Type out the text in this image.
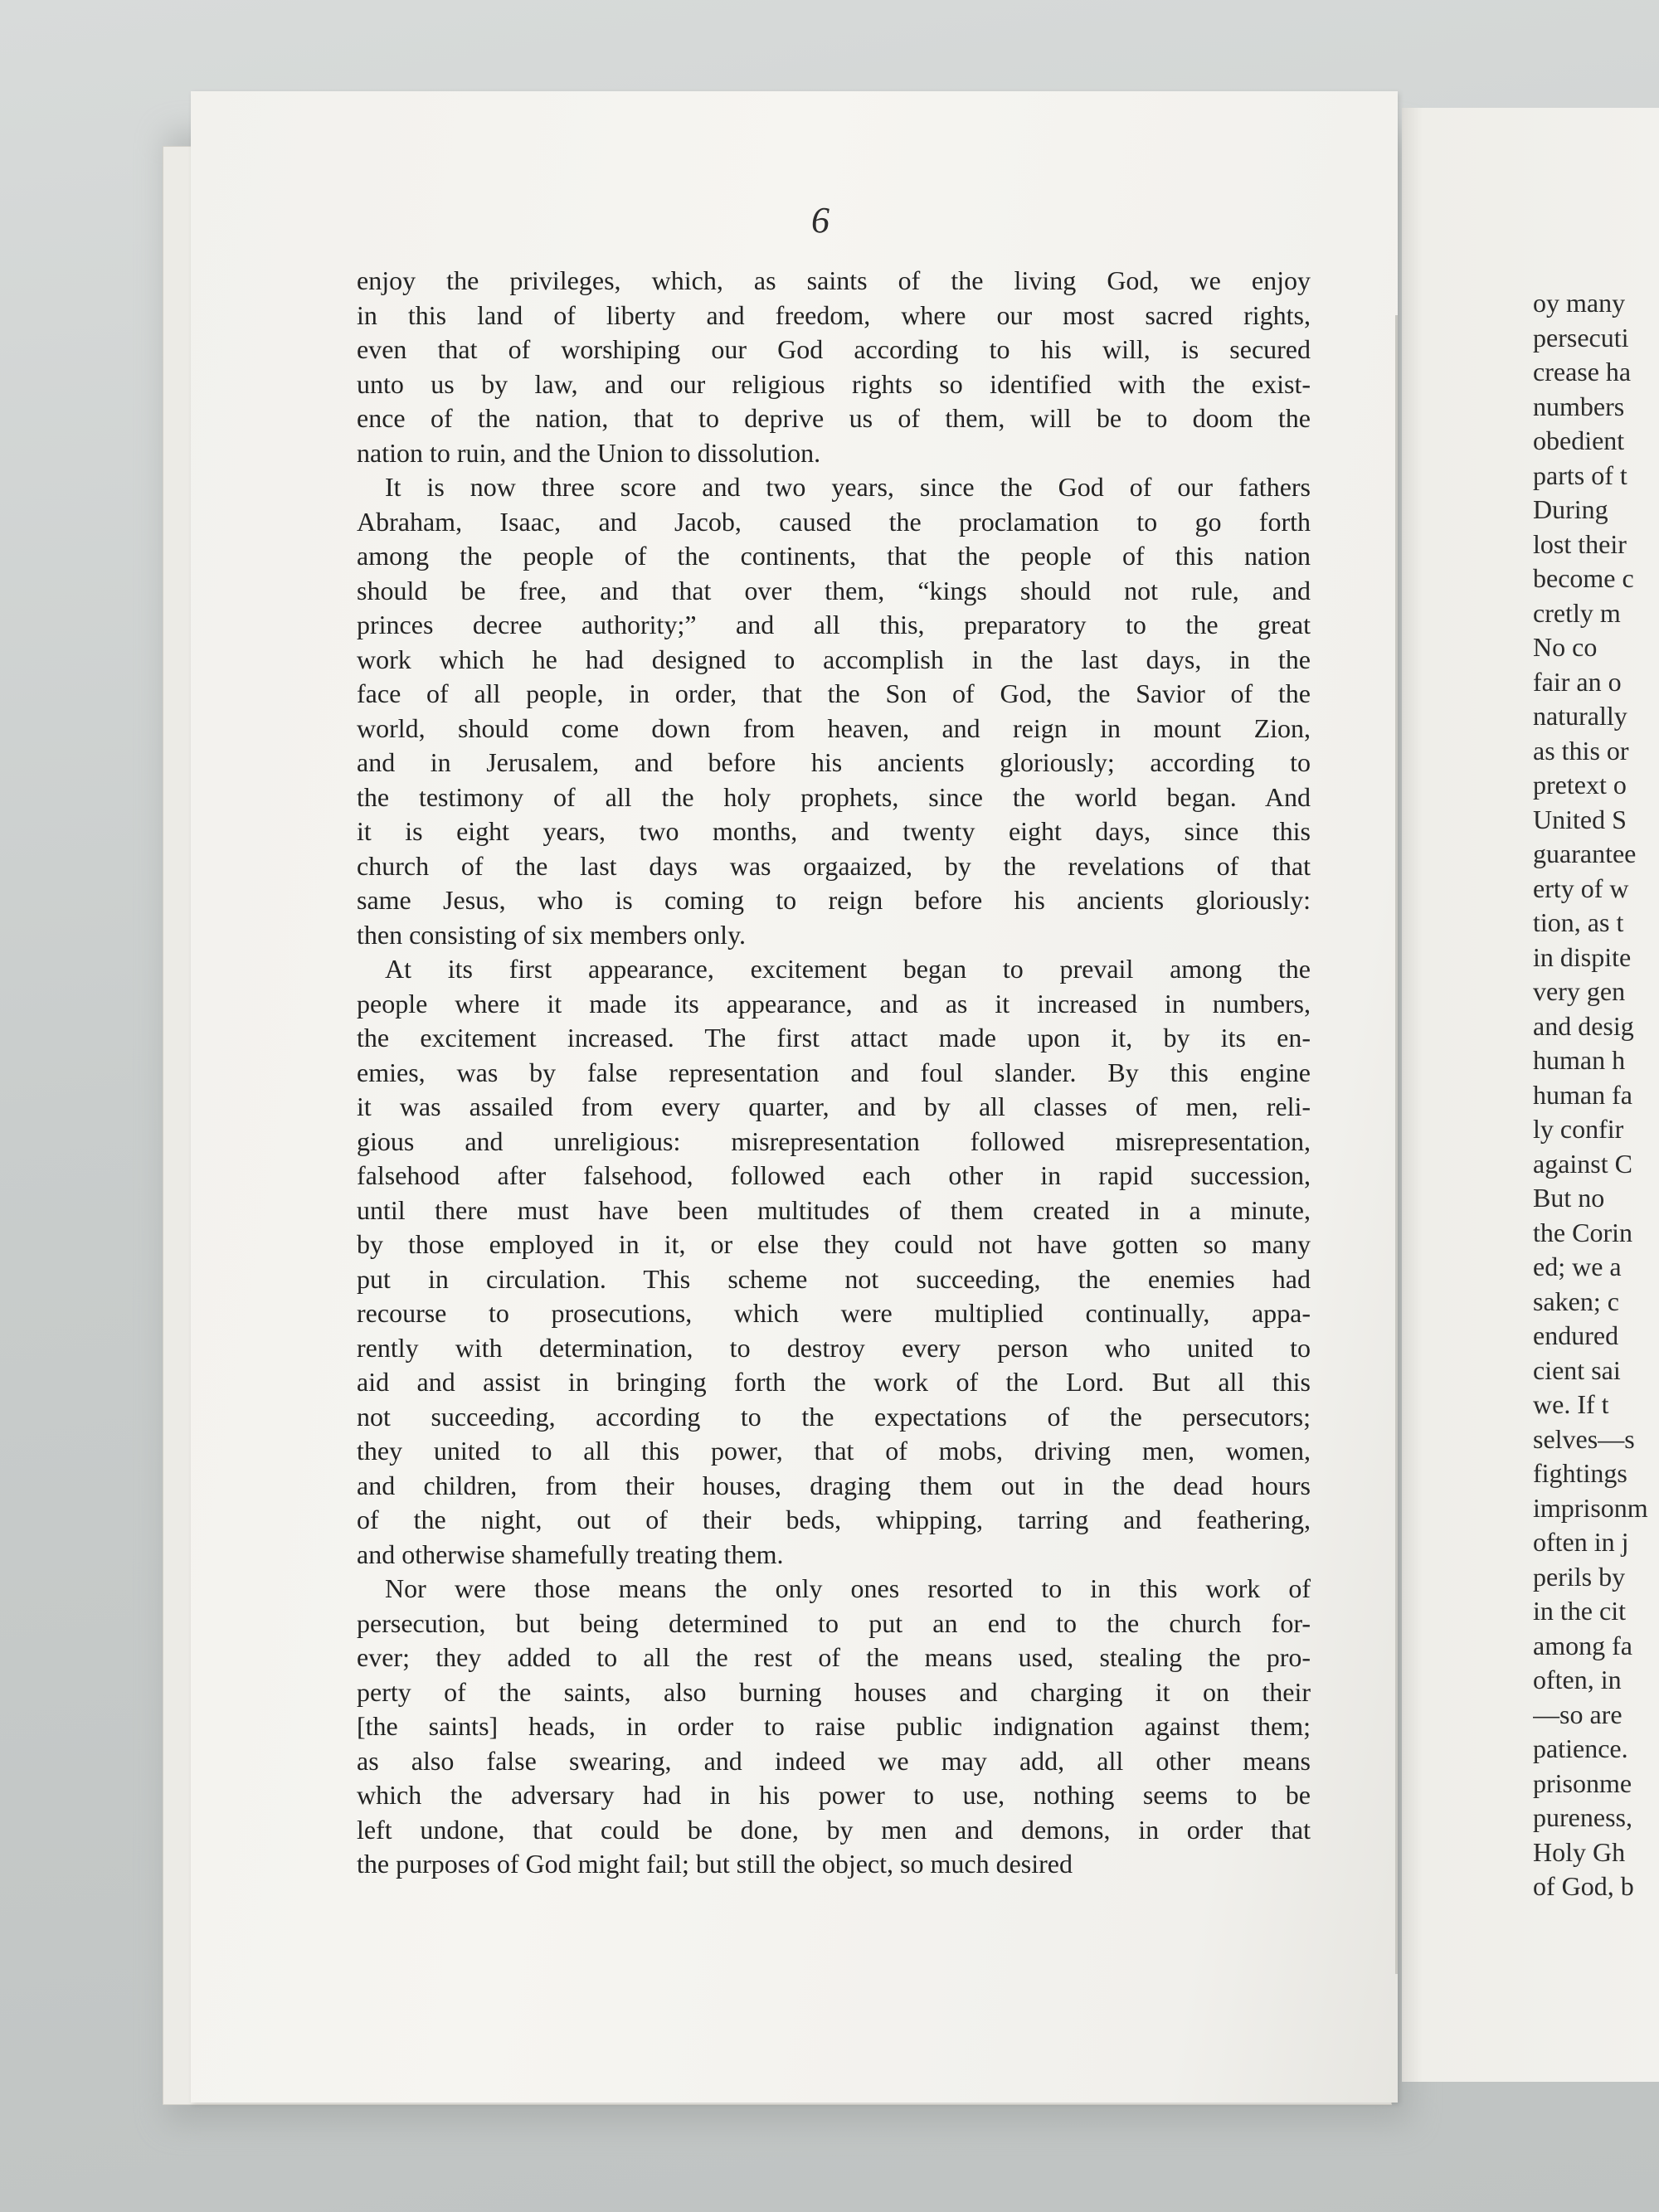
6
enjoy the privileges, which, as saints of the living God, we enjoy
in this land of liberty and freedom, where our most sacred rights,
even that of worshiping our God according to his will, is secured
unto us by law, and our religious rights so identified with the exist-
ence of the nation, that to deprive us of them, will be to doom the
nation to ruin, and the Union to dissolution.
It is now three score and two years, since the God of our fathers
Abraham, Isaac, and Jacob, caused the proclamation to go forth
among the people of the continents, that the people of this nation
should be free, and that over them, “kings should not rule, and
princes decree authority;” and all this, preparatory to the great
work which he had designed to accomplish in the last days, in the
face of all people, in order, that the Son of God, the Savior of the
world, should come down from heaven, and reign in mount Zion,
and in Jerusalem, and before his ancients gloriously; according to
the testimony of all the holy prophets, since the world began. And
it is eight years, two months, and twenty eight days, since this
church of the last days was orgaaized, by the revelations of that
same Jesus, who is coming to reign before his ancients gloriously:
then consisting of six members only.
At its first appearance, excitement began to prevail among the
people where it made its appearance, and as it increased in numbers,
the excitement increased. The first attact made upon it, by its en-
emies, was by false representation and foul slander. By this engine
it was assailed from every quarter, and by all classes of men, reli-
gious and unreligious: misrepresentation followed misrepresentation,
falsehood after falsehood, followed each other in rapid succession,
until there must have been multitudes of them created in a minute,
by those employed in it, or else they could not have gotten so many
put in circulation. This scheme not succeeding, the enemies had
recourse to prosecutions, which were multiplied continually, appa-
rently with determination, to destroy every person who united to
aid and assist in bringing forth the work of the Lord. But all this
not succeeding, according to the expectations of the persecutors;
they united to all this power, that of mobs, driving men, women,
and children, from their houses, draging them out in the dead hours
of the night, out of their beds, whipping, tarring and feathering,
and otherwise shamefully treating them.
Nor were those means the only ones resorted to in this work of
persecution, but being determined to put an end to the church for-
ever; they added to all the rest of the means used, stealing the pro-
perty of the saints, also burning houses and charging it on their
[the saints] heads, in order to raise public indignation against them;
as also false swearing, and indeed we may add, all other means
which the adversary had in his power to use, nothing seems to be
left undone, that could be done, by men and demons, in order that
the purposes of God might fail; but still the object, so much desired
oy many
persecuti
crease ha
numbers
obedient
parts of t
During
lost their
become c
cretly m
No co
fair an o
naturally
as this or
pretext o
United S
guarantee
erty of w
tion, as t
in dispite
very gen
and desig
human h
human fa
ly confir
against C
But no
the Corin
ed; we a
saken; c
endured
cient sai
we. If t
selves—s
fightings
imprisonm
often in j
perils by
in the cit
among fa
often, in
—so are
patience.
prisonme
pureness,
Holy Gh
of God, b
